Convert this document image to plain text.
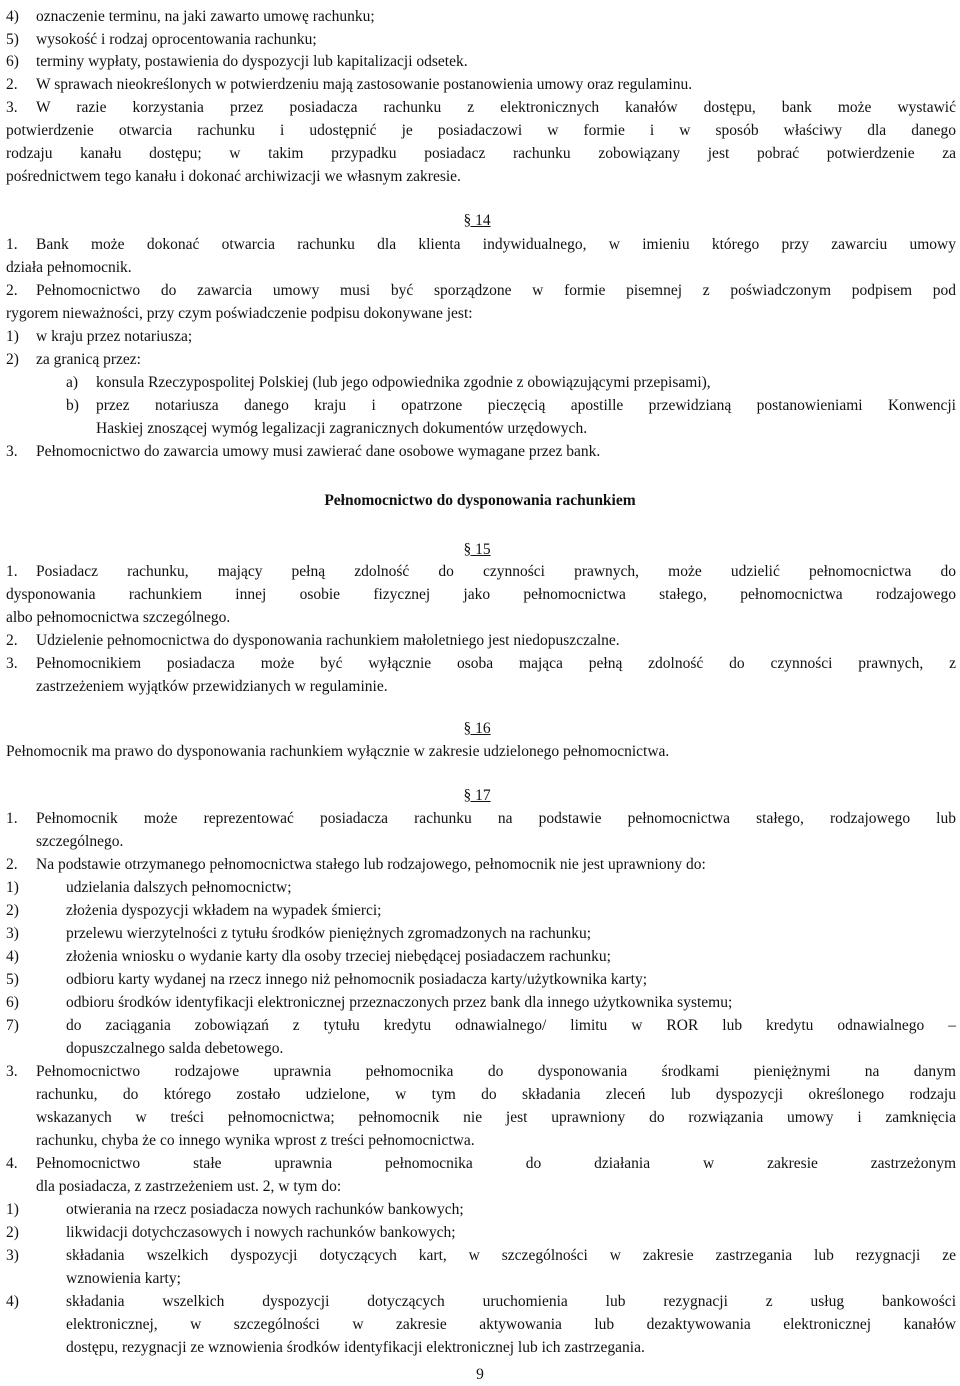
4) oznaczenie terminu, na jaki zawarto umowę rachunku;
5) wysokość i rodzaj oprocentowania rachunku;
6) terminy wypłaty, postawienia do dyspozycji lub kapitalizacji odsetek.
2. W sprawach nieokreślonych w potwierdzeniu mają zastosowanie postanowienia umowy oraz regulaminu.
3. W razie korzystania przez posiadacza rachunku z elektronicznych kanałów dostępu, bank może wystawić
potwierdzenie otwarcia rachunku i udostępnić je posiadaczowi w formie i w sposób właściwy dla danego
rodzaju kanału dostępu; w takim przypadku posiadacz rachunku zobowiązany jest pobrać potwierdzenie za
pośrednictwem tego kanału i dokonać archiwizacji we własnym zakresie.
§ 14
1. Bank może dokonać otwarcia rachunku dla klienta indywidualnego, w imieniu którego przy zawarciu umowy
działa pełnomocnik.
2. Pełnomocnictwo do zawarcia umowy musi być sporządzone w formie pisemnej z poświadczonym podpisem pod
rygorem nieważności, przy czym poświadczenie podpisu dokonywane jest:
1) w kraju przez notariusza;
2) za granicą przez:
a) konsula Rzeczypospolitej Polskiej (lub jego odpowiednika zgodnie z obowiązującymi przepisami),
b) przez notariusza danego kraju i opatrzone pieczęcią apostille przewidzianą postanowieniami Konwencji
Haskiej znoszącej wymóg legalizacji zagranicznych dokumentów urzędowych.
3. Pełnomocnictwo do zawarcia umowy musi zawierać dane osobowe wymagane przez bank.
Pełnomocnictwo do dysponowania rachunkiem
§ 15
1. Posiadacz rachunku, mający pełną zdolność do czynności prawnych, może udzielić pełnomocnictwa do
dysponowania rachunkiem innej osobie fizycznej jako pełnomocnictwa stałego, pełnomocnictwa rodzajowego
albo pełnomocnictwa szczególnego.
2. Udzielenie pełnomocnictwa do dysponowania rachunkiem małoletniego jest niedopuszczalne.
3. Pełnomocnikiem posiadacza może być wyłącznie osoba mająca pełną zdolność do czynności prawnych, z
zastrzeżeniem wyjątków przewidzianych w regulaminie.
§ 16
Pełnomocnik ma prawo do dysponowania rachunkiem wyłącznie w zakresie udzielonego pełnomocnictwa.
§ 17
1. Pełnomocnik może reprezentować posiadacza rachunku na podstawie pełnomocnictwa stałego, rodzajowego lub
szczególnego.
2. Na podstawie otrzymanego pełnomocnictwa stałego lub rodzajowego, pełnomocnik nie jest uprawniony do:
1)	udzielania dalszych pełnomocnictw;
2)	złożenia dyspozycji wkładem na wypadek śmierci;
3)	przelewu wierzytelności z tytułu środków pieniężnych zgromadzonych na rachunku;
4)	złożenia wniosku o wydanie karty dla osoby trzeciej niebędącej posiadaczem rachunku;
5)	odbioru karty wydanej na rzecz innego niż pełnomocnik posiadacza karty/użytkownika karty;
6)	odbioru środków identyfikacji elektronicznej przeznaczonych przez bank dla innego użytkownika systemu;
7)	do zaciągania zobowiązań z tytułu kredytu odnawialnego/ limitu w ROR lub kredytu odnawialnego –
dopuszczalnego salda debetowego.
3. Pełnomocnictwo rodzajowe uprawnia pełnomocnika do dysponowania środkami pieniężnymi na danym
rachunku, do którego zostało udzielone, w tym do składania zleceń lub dyspozycji określonego rodzaju
wskazanych w treści pełnomocnictwa; pełnomocnik nie jest uprawniony do rozwiązania umowy i zamknięcia
rachunku, chyba że co innego wynika wprost z treści pełnomocnictwa.
4. Pełnomocnictwo stałe uprawnia pełnomocnika do działania w zakresie zastrzeżonym
dla posiadacza, z zastrzeżeniem ust. 2, w tym do:
1)	otwierania na rzecz posiadacza nowych rachunków bankowych;
2)	likwidacji dotychczasowych i nowych rachunków bankowych;
3)	składania wszelkich dyspozycji dotyczących kart, w szczególności w zakresie zastrzegania lub rezygnacji ze
wznowienia karty;
4)	składania wszelkich dyspozycji dotyczących uruchomienia lub rezygnacji z usług bankowości
elektronicznej, w szczególności w zakresie aktywowania lub dezaktywowania elektronicznej kanałów
dostępu, rezygnacji ze wznowienia środków identyfikacji elektronicznej lub ich zastrzegania.
9
